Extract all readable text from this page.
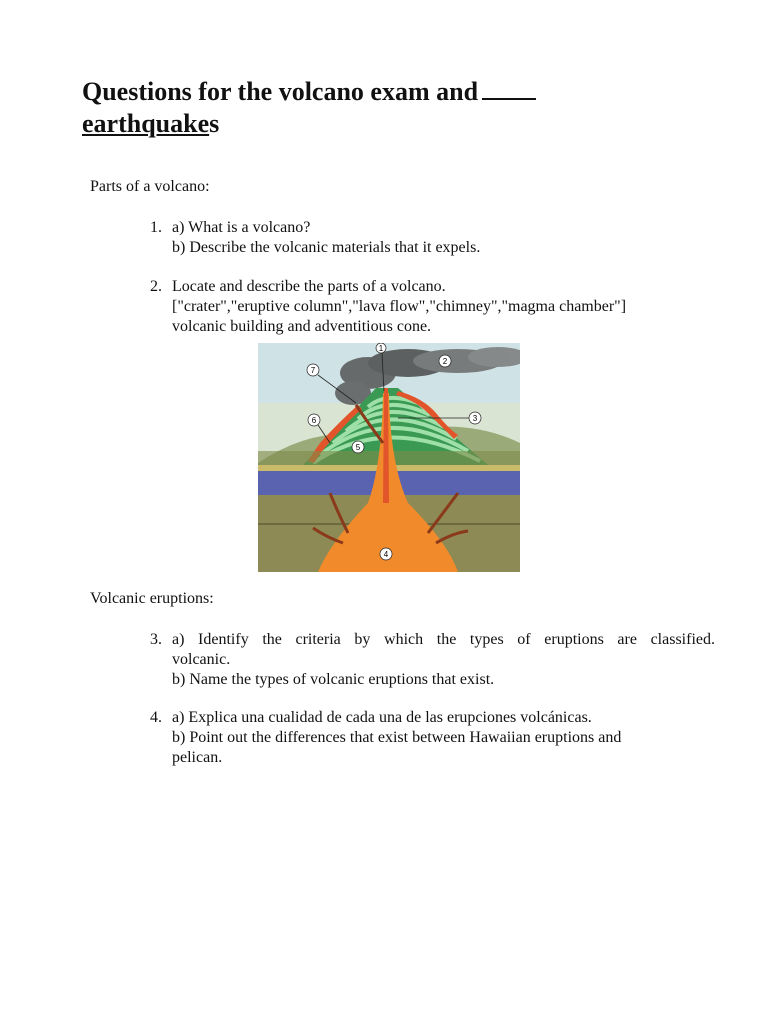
Questions for the volcano exam and
earthquakes

Parts of a volcano:

1. a) What is a volcano?
b) Describe the volcanic materials that it expels.
2. Locate and describe the parts of a volcano.
["crater","eruptive column","lava flow","chimney","magma chamber"]
volcanic building and adventitious cone.
1
2
3
4
5
6
7

Volcanic eruptions:

3. a) Identify the criteria by which the types of eruptions are classified.
volcanic.
b) Name the types of volcanic eruptions that exist.
4. a) Explica una cualidad de cada una de las erupciones volcánicas.
b) Point out the differences that exist between Hawaiian eruptions and
pelican.
